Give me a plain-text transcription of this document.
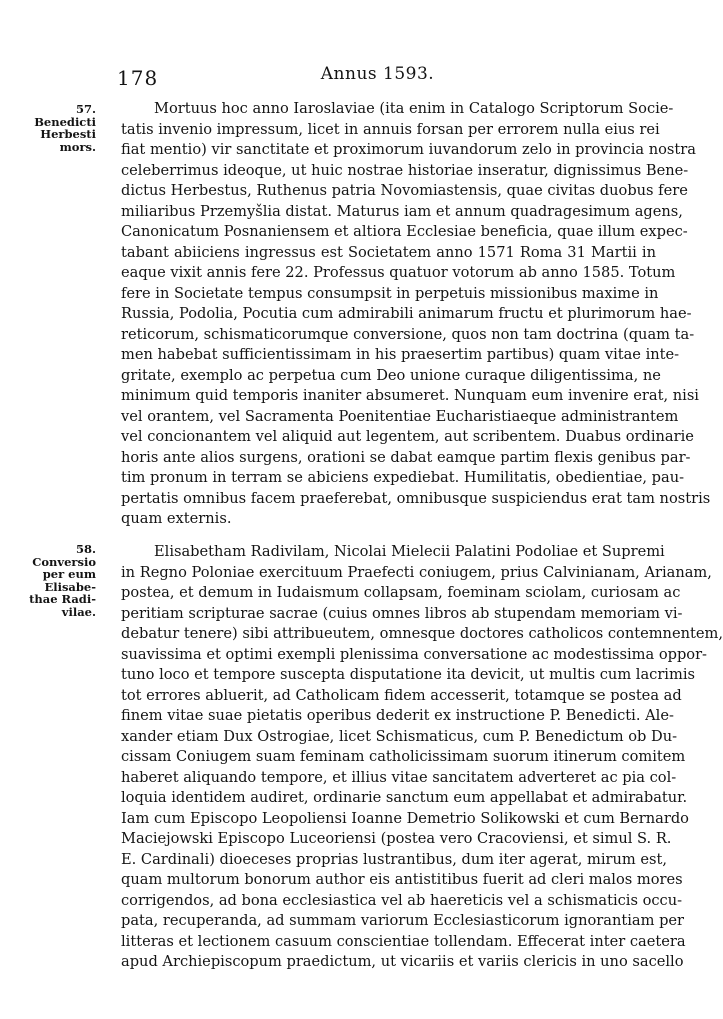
178	Annus 1593.
57.
Benedicti
Herbesti
mors.
58.
Conversio
per eum
Elisabe-
thae Radi-
vilae.
Mortuus hoc anno Iaroslaviae (ita enim in Catalogo Scriptorum Socie-
tatis invenio impressum, licet in annuis forsan per errorem nulla eius rei
fiat mentio) vir sanctitate et proximorum iuvandorum zelo in provincia nostra
celeberrimus ideoque, ut huic nostrae historiae inseratur, dignissimus Bene-
dictus Herbestus, Ruthenus patria Novomiastensis, quae civitas duobus fere
miliaribus Przemyšlia distat. Maturus iam et annum quadragesimum agens,
Canonicatum Posnaniensem et altiora Ecclesiae beneficia, quae illum expec-
tabant abiiciens ingressus est Societatem anno 1571 Roma 31 Martii in
eaque vixit annis fere 22. Professus quatuor votorum ab anno 1585. Totum
fere in Societate tempus consumpsit in perpetuis missionibus maxime in
Russia, Podolia, Pocutia cum admirabili animarum fructu et plurimorum hae-
reticorum, schismaticorumque conversione, quos non tam doctrina (quam ta-
men habebat sufficientissimam in his praesertim partibus) quam vitae inte-
gritate, exemplo ac perpetua cum Deo unione curaque diligentissima, ne
minimum quid temporis inaniter absumeret. Nunquam eum invenire erat, nisi
vel orantem, vel Sacramenta Poenitentiae Eucharistiaeque administrantem
vel concionantem vel aliquid aut legentem, aut scribentem. Duabus ordinarie
horis ante alios surgens, orationi se dabat eamque partim flexis genibus par-
tim pronum in terram se abiciens expediebat. Humilitatis, obedientiae, pau-
pertatis omnibus facem praeferebat, omnibusque suspiciendus erat tam nostris
quam externis.
Elisabetham Radivilam, Nicolai Mielecii Palatini Podoliae et Supremi
in Regno Poloniae exercituum Praefecti coniugem, prius Calvinianam, Arianam,
postea, et demum in Iudaismum collapsam, foeminam sciolam, curiosam ac
peritiam scripturae sacrae (cuius omnes libros ab stupendam memoriam vi-
debatur tenere) sibi attribueutem, omnesque doctores catholicos contemnentem,
suavissima et optimi exempli plenissima conversatione ac modestissima oppor-
tuno loco et tempore suscepta disputatione ita devicit, ut multis cum lacrimis
tot errores abluerit, ad Catholicam fidem accesserit, totamque se postea ad
finem vitae suae pietatis operibus dederit ex instructione P. Benedicti. Ale-
xander etiam Dux Ostrogiae, licet Schismaticus, cum P. Benedictum ob Du-
cissam Coniugem suam feminam catholicissimam suorum itinerum comitem
haberet aliquando tempore, et illius vitae sancitatem adverteret ac pia col-
loquia identidem audiret, ordinarie sanctum eum appellabat et admirabatur.
Iam cum Episcopo Leopoliensi Ioanne Demetrio Solikowski et cum Bernardo
Maciejowski Episcopo Luceoriensi (postea vero Cracoviensi, et simul S. R.
E. Cardinali) dioeceses proprias lustrantibus, dum iter agerat, mirum est,
quam multorum bonorum author eis antistitibus fuerit ad cleri malos mores
corrigendos, ad bona ecclesiastica vel ab haereticis vel a schismaticis occu-
pata, recuperanda, ad summam variorum Ecclesiasticorum ignorantiam per
litteras et lectionem casuum conscientiae tollendam. Effecerat inter caetera
apud Archiepiscopum praedictum, ut vicariis et variis clericis in uno sacello
